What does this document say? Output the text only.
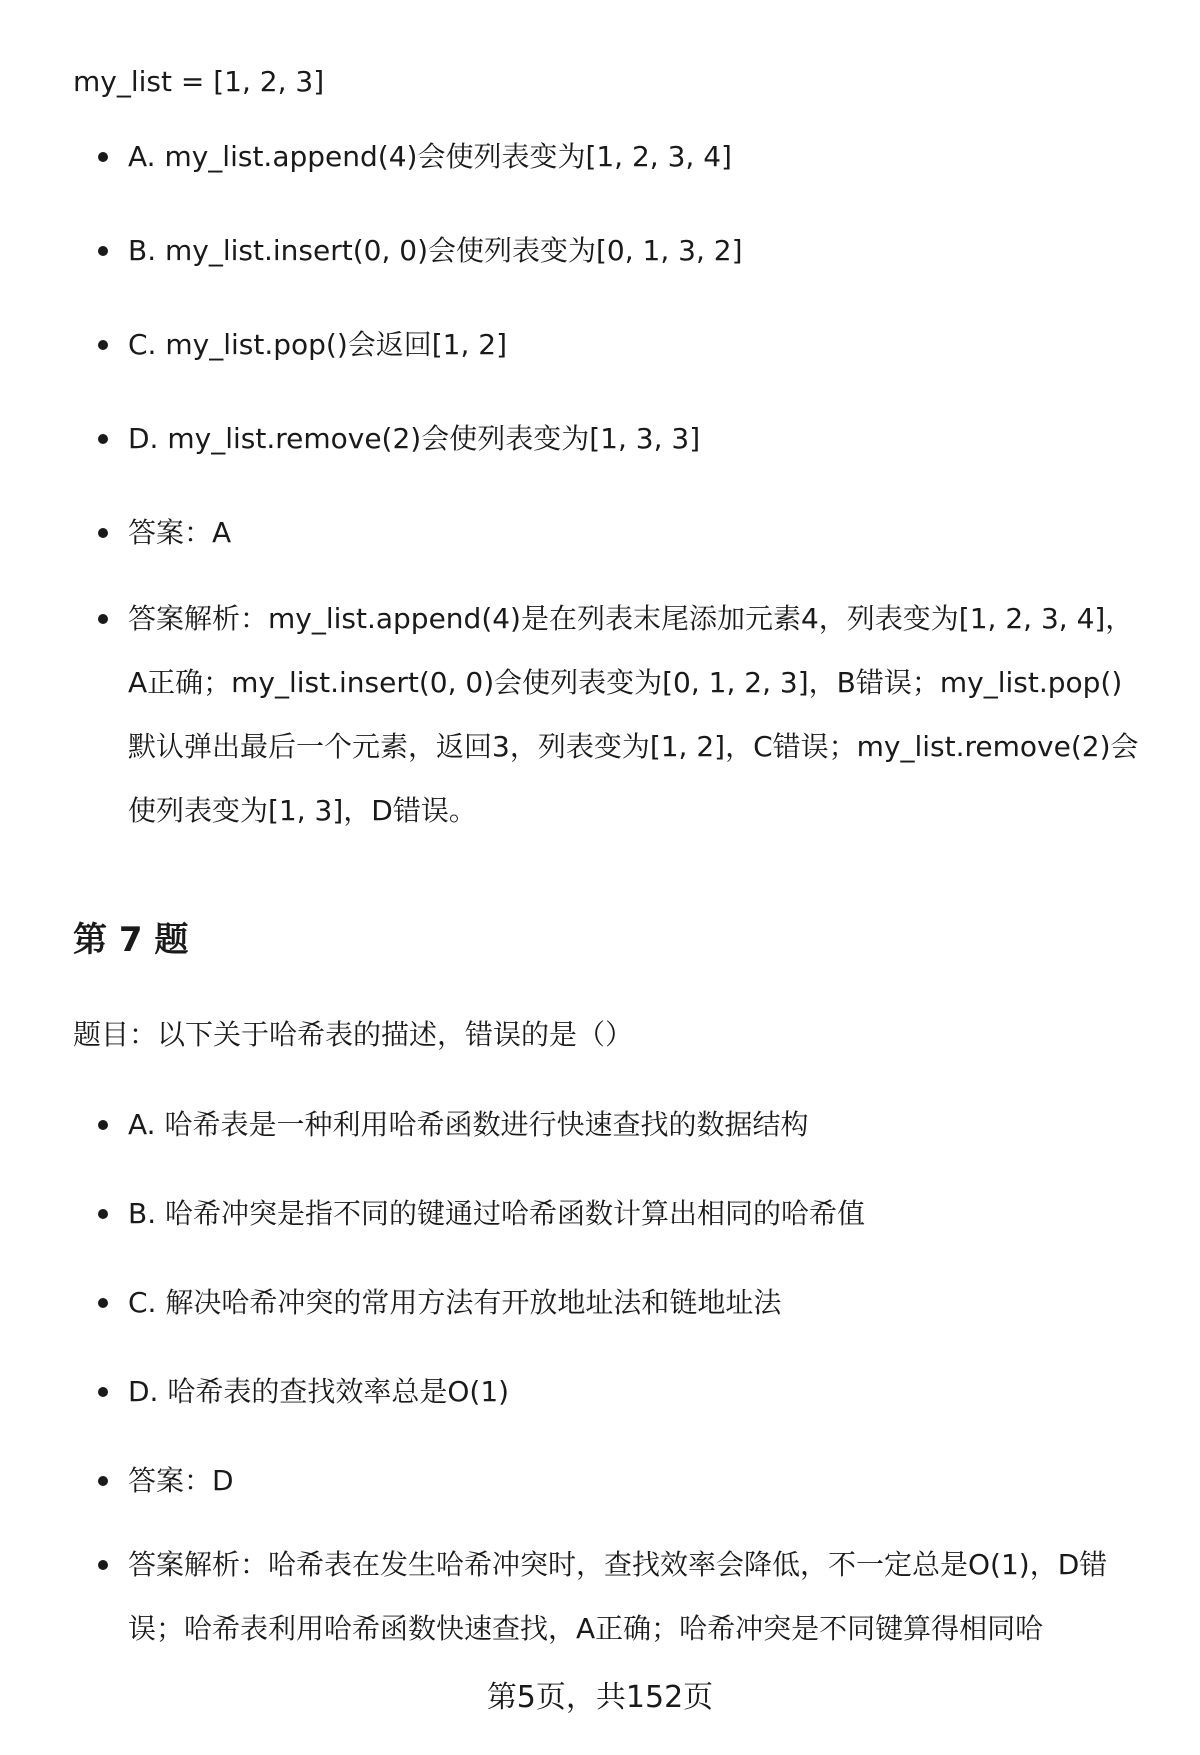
my_list = [1, 2, 3]
A. my_list.append(4)会使列表变为[1, 2, 3, 4]
B. my_list.insert(0, 0)会使列表变为[0, 1, 3, 2]
C. my_list.pop()会返回[1, 2]
D. my_list.remove(2)会使列表变为[1, 3, 3]
答案：A
答案解析：my_list.append(4)是在列表末尾添加元素4，列表变为[1, 2, 3, 4]，A正确；my_list.insert(0, 0)会使列表变为[0, 1, 2, 3]，B错误；my_list.pop()默认弹出最后一个元素，返回3，列表变为[1, 2]，C错误；my_list.remove(2)会使列表变为[1, 3]，D错误。
第 7 题
题目：以下关于哈希表的描述，错误的是（）
A. 哈希表是一种利用哈希函数进行快速查找的数据结构
B. 哈希冲突是指不同的键通过哈希函数计算出相同的哈希值
C. 解决哈希冲突的常用方法有开放地址法和链地址法
D. 哈希表的查找效率总是O(1)
答案：D
答案解析：哈希表在发生哈希冲突时，查找效率会降低，不一定总是O(1)，D错误；哈希表利用哈希函数快速查找，A正确；哈希冲突是不同键算得相同哈
第5页，共152页
